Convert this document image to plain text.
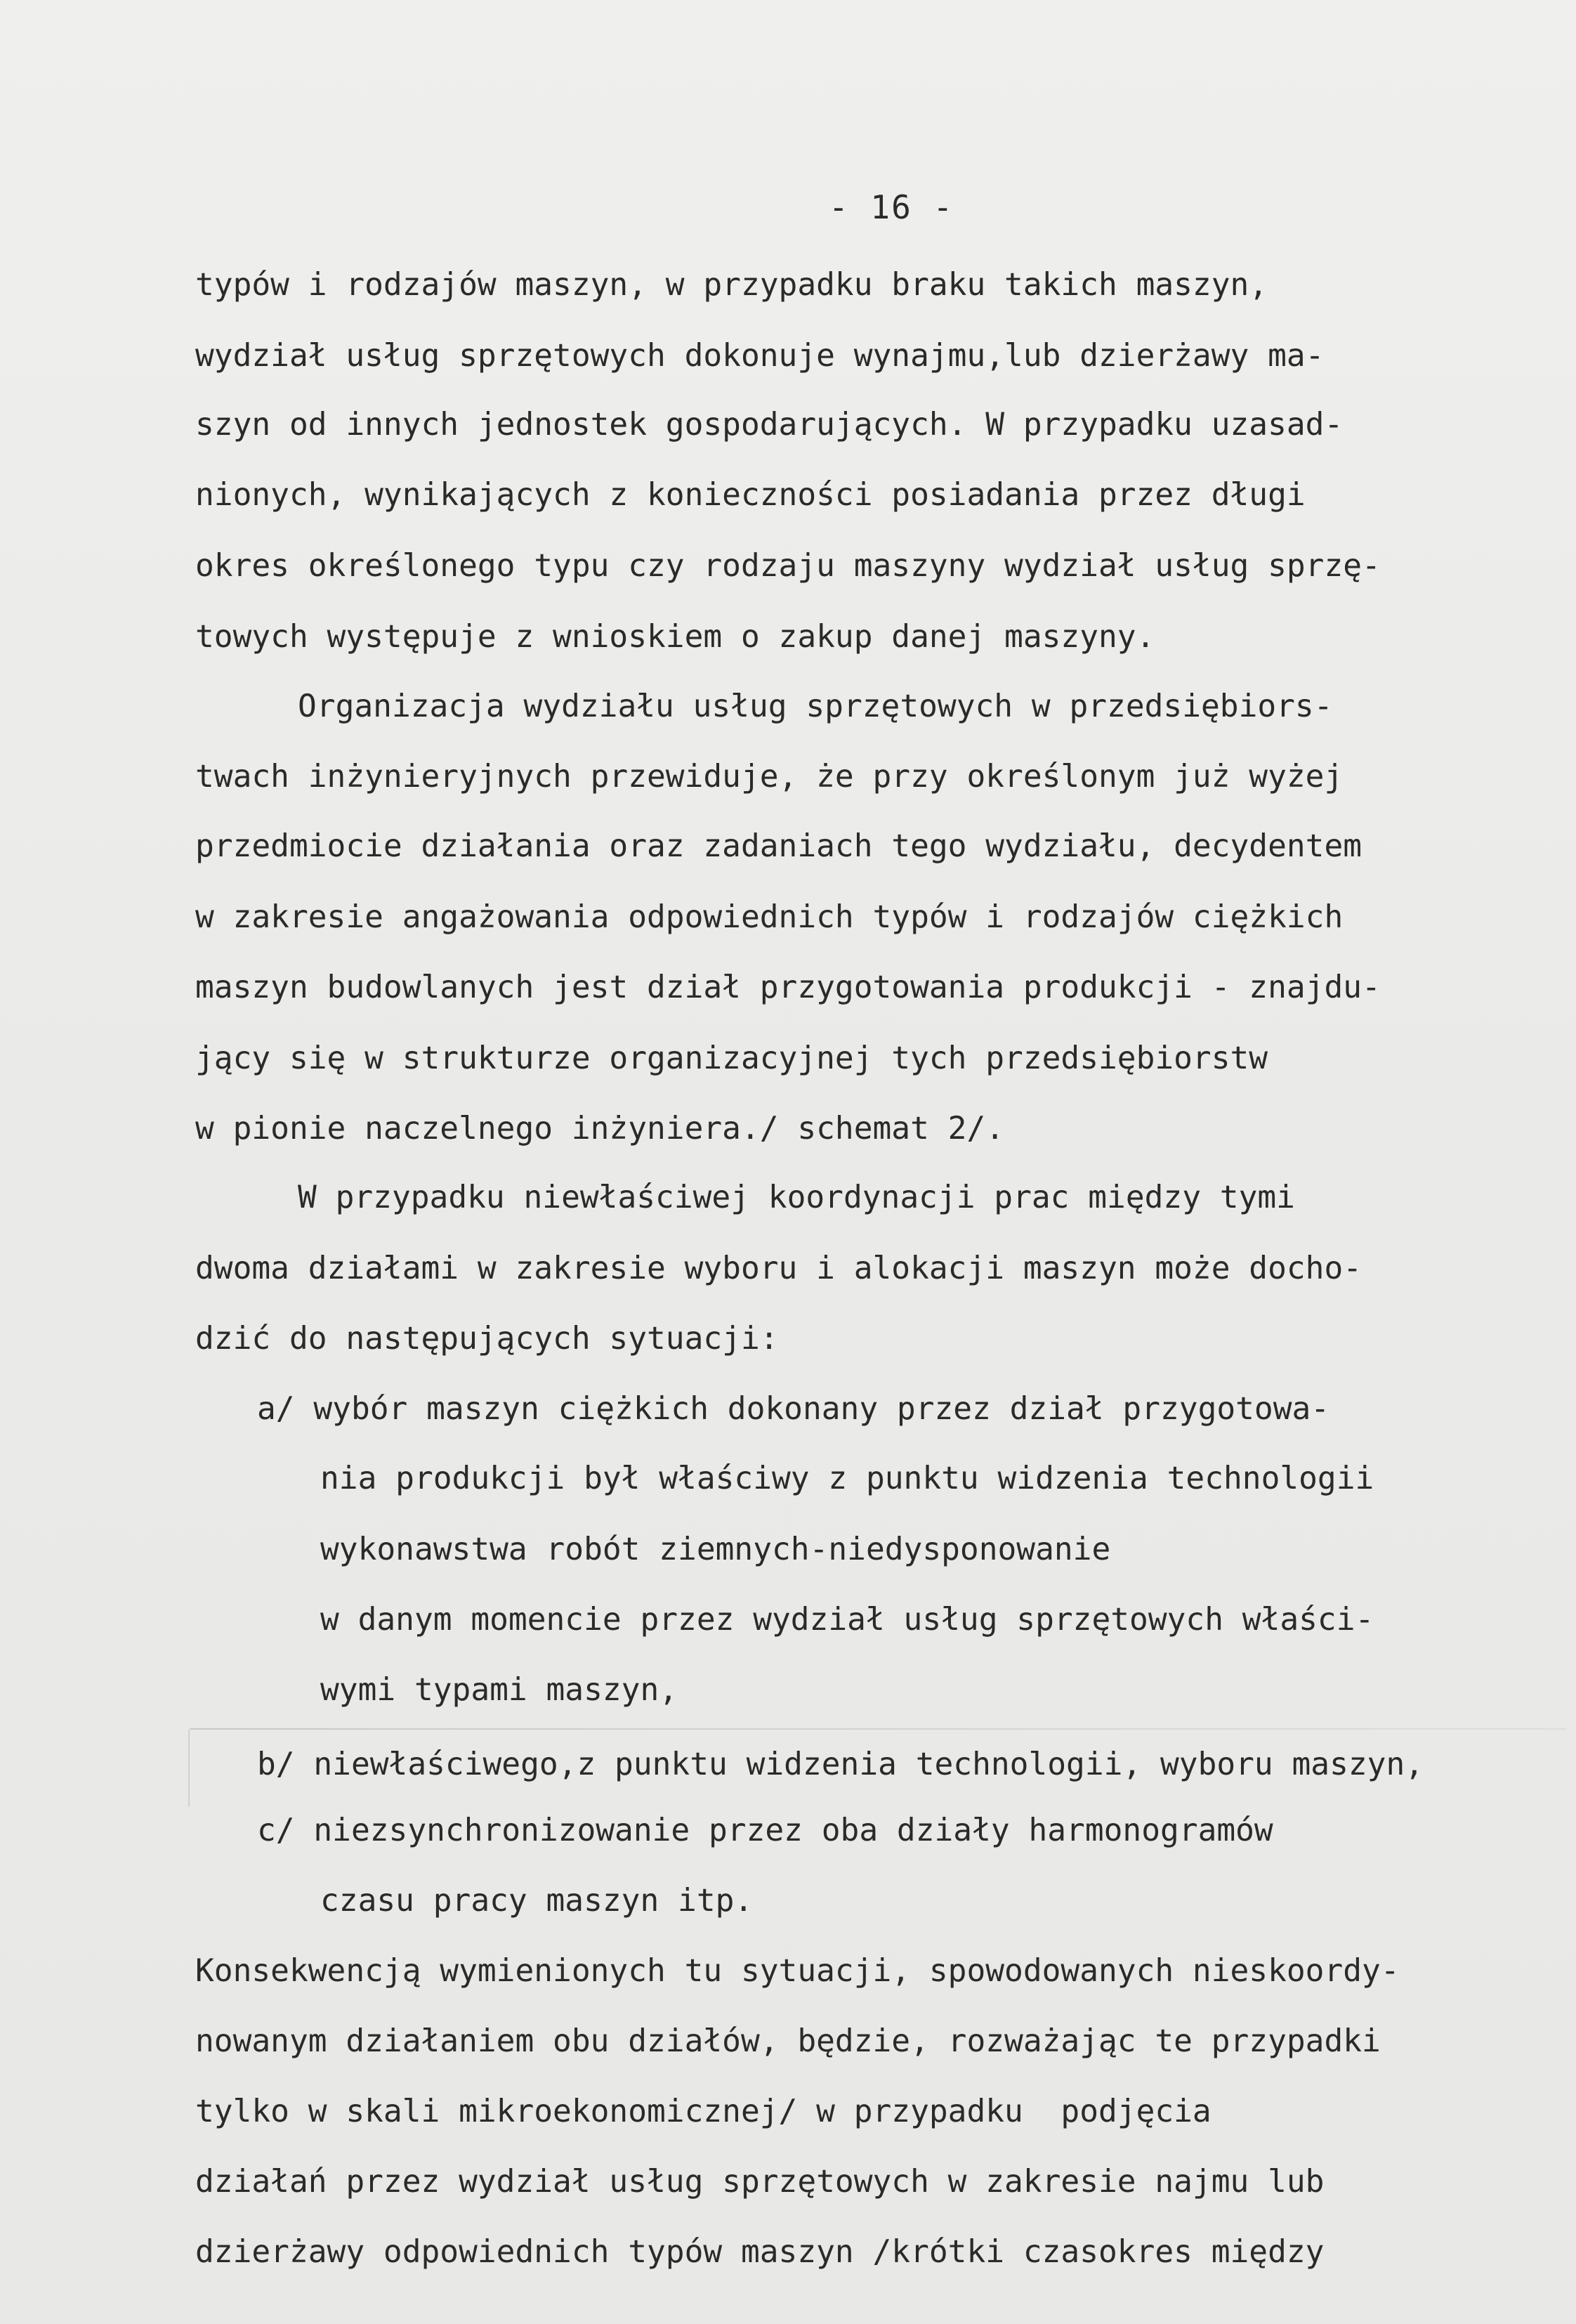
- 16 -
typów i rodzajów maszyn, w przypadku braku takich maszyn,
wydział usług sprzętowych dokonuje wynajmu,lub dzierżawy ma-
szyn od innych jednostek gospodarujących. W przypadku uzasad-
nionych, wynikających z konieczności posiadania przez długi
okres określonego typu czy rodzaju maszyny wydział usług sprzę-
towych występuje z wnioskiem o zakup danej maszyny.
Organizacja wydziału usług sprzętowych w przedsiębiors-
twach inżynieryjnych przewiduje, że przy określonym już wyżej
przedmiocie działania oraz zadaniach tego wydziału, decydentem
w zakresie angażowania odpowiednich typów i rodzajów ciężkich
maszyn budowlanych jest dział przygotowania produkcji - znajdu-
jący się w strukturze organizacyjnej tych przedsiębiorstw
w pionie naczelnego inżyniera./ schemat 2/.
W przypadku niewłaściwej koordynacji prac między tymi
dwoma działami w zakresie wyboru i alokacji maszyn może docho-
dzić do następujących sytuacji:
a/ wybór maszyn ciężkich dokonany przez dział przygotowa-
nia produkcji był właściwy z punktu widzenia technologii
wykonawstwa robót ziemnych-niedysponowanie
w danym momencie przez wydział usług sprzętowych właści-
wymi typami maszyn,
b/ niewłaściwego,z punktu widzenia technologii, wyboru maszyn,
c/ niezsynchronizowanie przez oba działy harmonogramów
czasu pracy maszyn itp.
Konsekwencją wymienionych tu sytuacji, spowodowanych nieskoordy-
nowanym działaniem obu działów, będzie, rozważając te przypadki
tylko w skali mikroekonomicznej/ w przypadku  podjęcia
działań przez wydział usług sprzętowych w zakresie najmu lub
dzierżawy odpowiednich typów maszyn /krótki czasokres między
